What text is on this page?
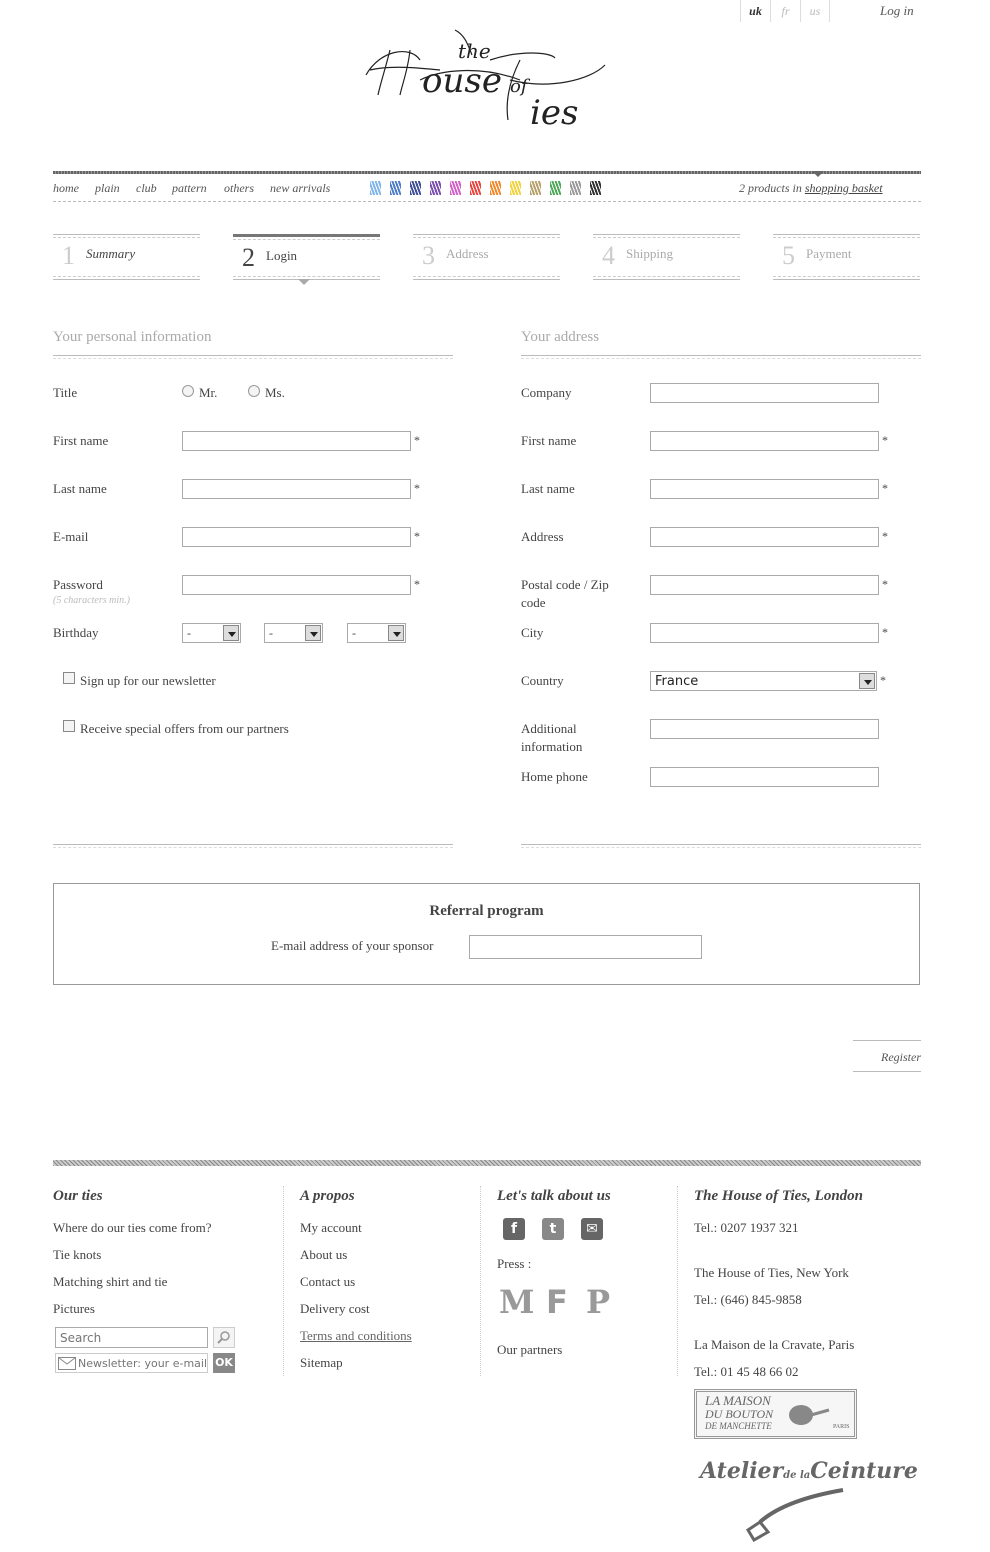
uk	fr	us	Log in
the
ouse of
ies
home plain club pattern others new arrivals	2 products in shopping basket
1 Summary	2 Login	3 Address	4 Shipping	5 Payment
Your personal information
Title	Mr.	Ms.
First name	*
Last name	*
E-mail	*
Password
(5 characters min.)
*
Birthday	-	-	-
Sign up for our newsletter
Receive special offers from our partners
Your address
Company
First name	*
Last name	*
Address	*
Postal code / Zip code
*
City	*
Country	France	*
Additional information
Home phone
Referral program
E-mail address of your sponsor
Register
Our ties
Where do our ties come from?
Tie knots
Matching shirt and tie
Pictures
Search
Newsletter: your e-mail
OK
A propos
My account
About us
Contact us
Delivery cost
Terms and conditions
Sitemap
Let's talk about us
f	t	✉
Press :
M F P
Our partners
The House of Ties, London
Tel.: 0207 1937 321
The House of Ties, New York
Tel.: (646) 845-9858
La Maison de la Cravate, Paris
Tel.: 01 45 48 66 02
LA MAISON
DU BOUTON
DE MANCHETTE	PARIS
Atelierde laCeinture
